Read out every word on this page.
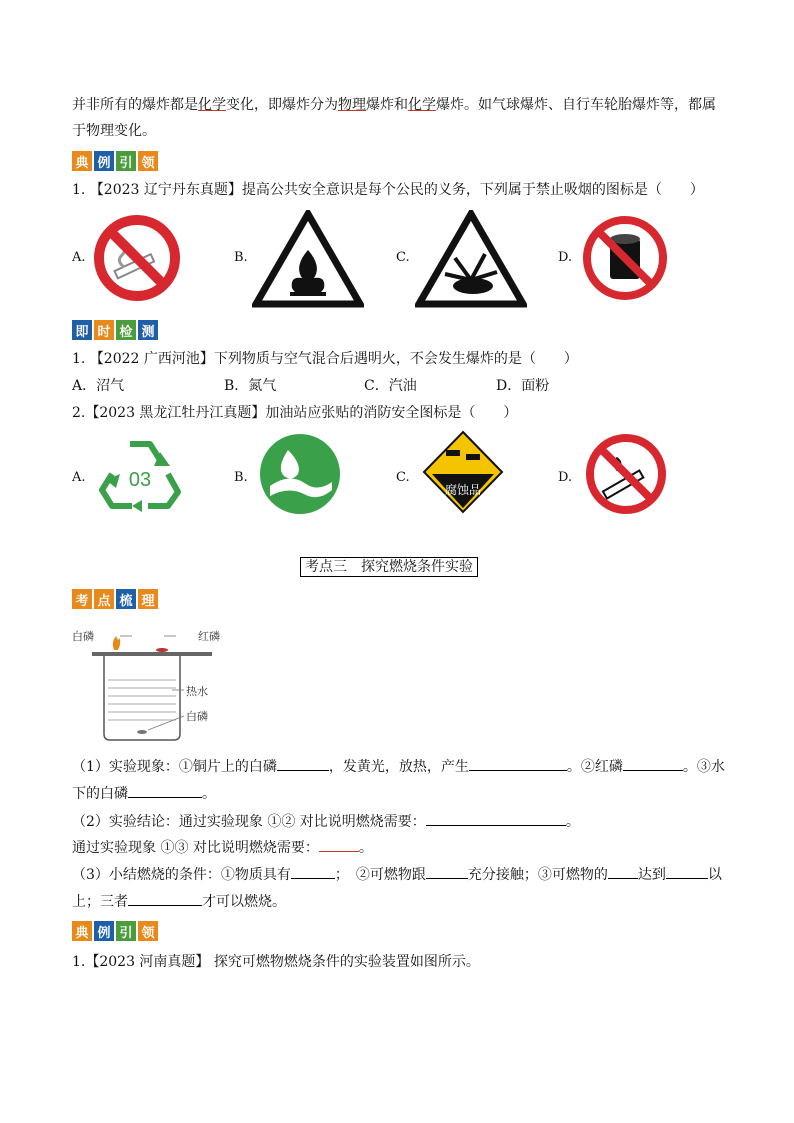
并非所有的爆炸都是化学变化，即爆炸分为物理爆炸和化学爆炸。如气球爆炸、自行车轮胎爆炸等，都属
于物理变化。
典 例 引 领
1. 【2023 辽宁丹东真题】提高公共安全意识是每个公民的义务，下列属于禁止吸烟的图标是（　　）
A.	B.	C.	D.
即 时 检 测
1. 【2022 广西河池】下列物质与空气混合后遇明火，不会发生爆炸的是（　　）
A．沼气	B．氮气	C．汽油	D．面粉
2.【2023 黑龙江牡丹江真题】加油站应张贴的消防安全图标是（　　）
A. 03	B.	C.
腐蚀品
D.
考点三　探究燃烧条件实验
考 点 梳 理
白磷	红磷
热水
白磷
（1）实验现象：①铜片上的白磷	，发黄光，放热，产生	。②红磷	。③水
下的白磷	。
（2）实验结论：通过实验现象 ①② 对比说明燃烧需要：	。
通过实验现象 ①③ 对比说明燃烧需要：	。
（3）小结燃烧的条件：①物质具有	；　②可燃物跟	充分接触；③可燃物的 达到	以
上；三者	才可以燃烧。
典 例 引 领
1.【2023 河南真题】 探究可燃物燃烧条件的实验装置如图所示。
